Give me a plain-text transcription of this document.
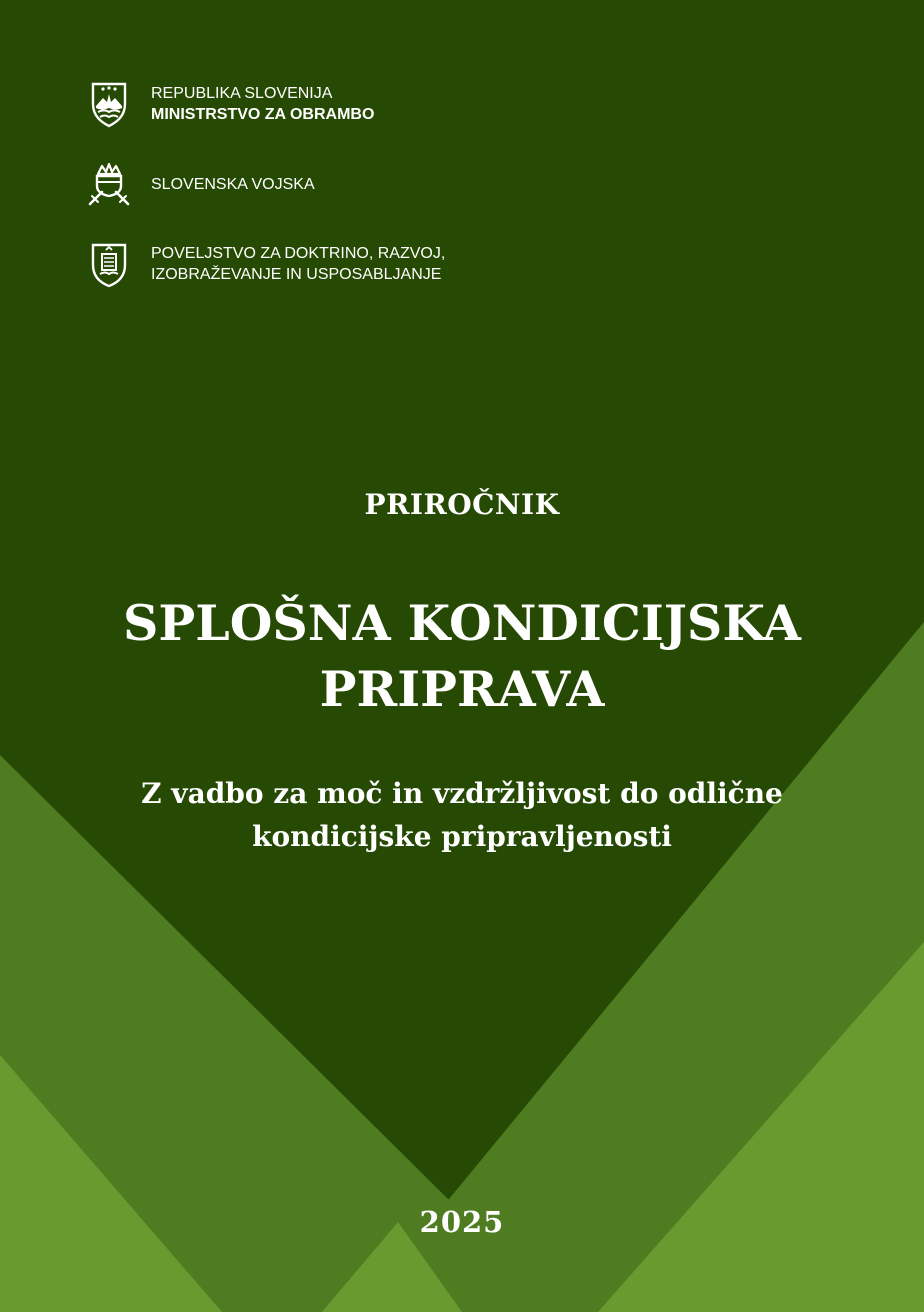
REPUBLIKA SLOVENIJA
MINISTRSTVO ZA OBRAMBO
SLOVENSKA VOJSKA
POVELJSTVO ZA DOKTRINO, RAZVOJ,
IZOBRAŽEVANJE IN USPOSABLJANJE
PRIROČNIK
SPLOŠNA KONDICIJSKA
PRIPRAVA
Z vadbo za moč in vzdržljivost do odlične
kondicijske pripravljenosti
2025
